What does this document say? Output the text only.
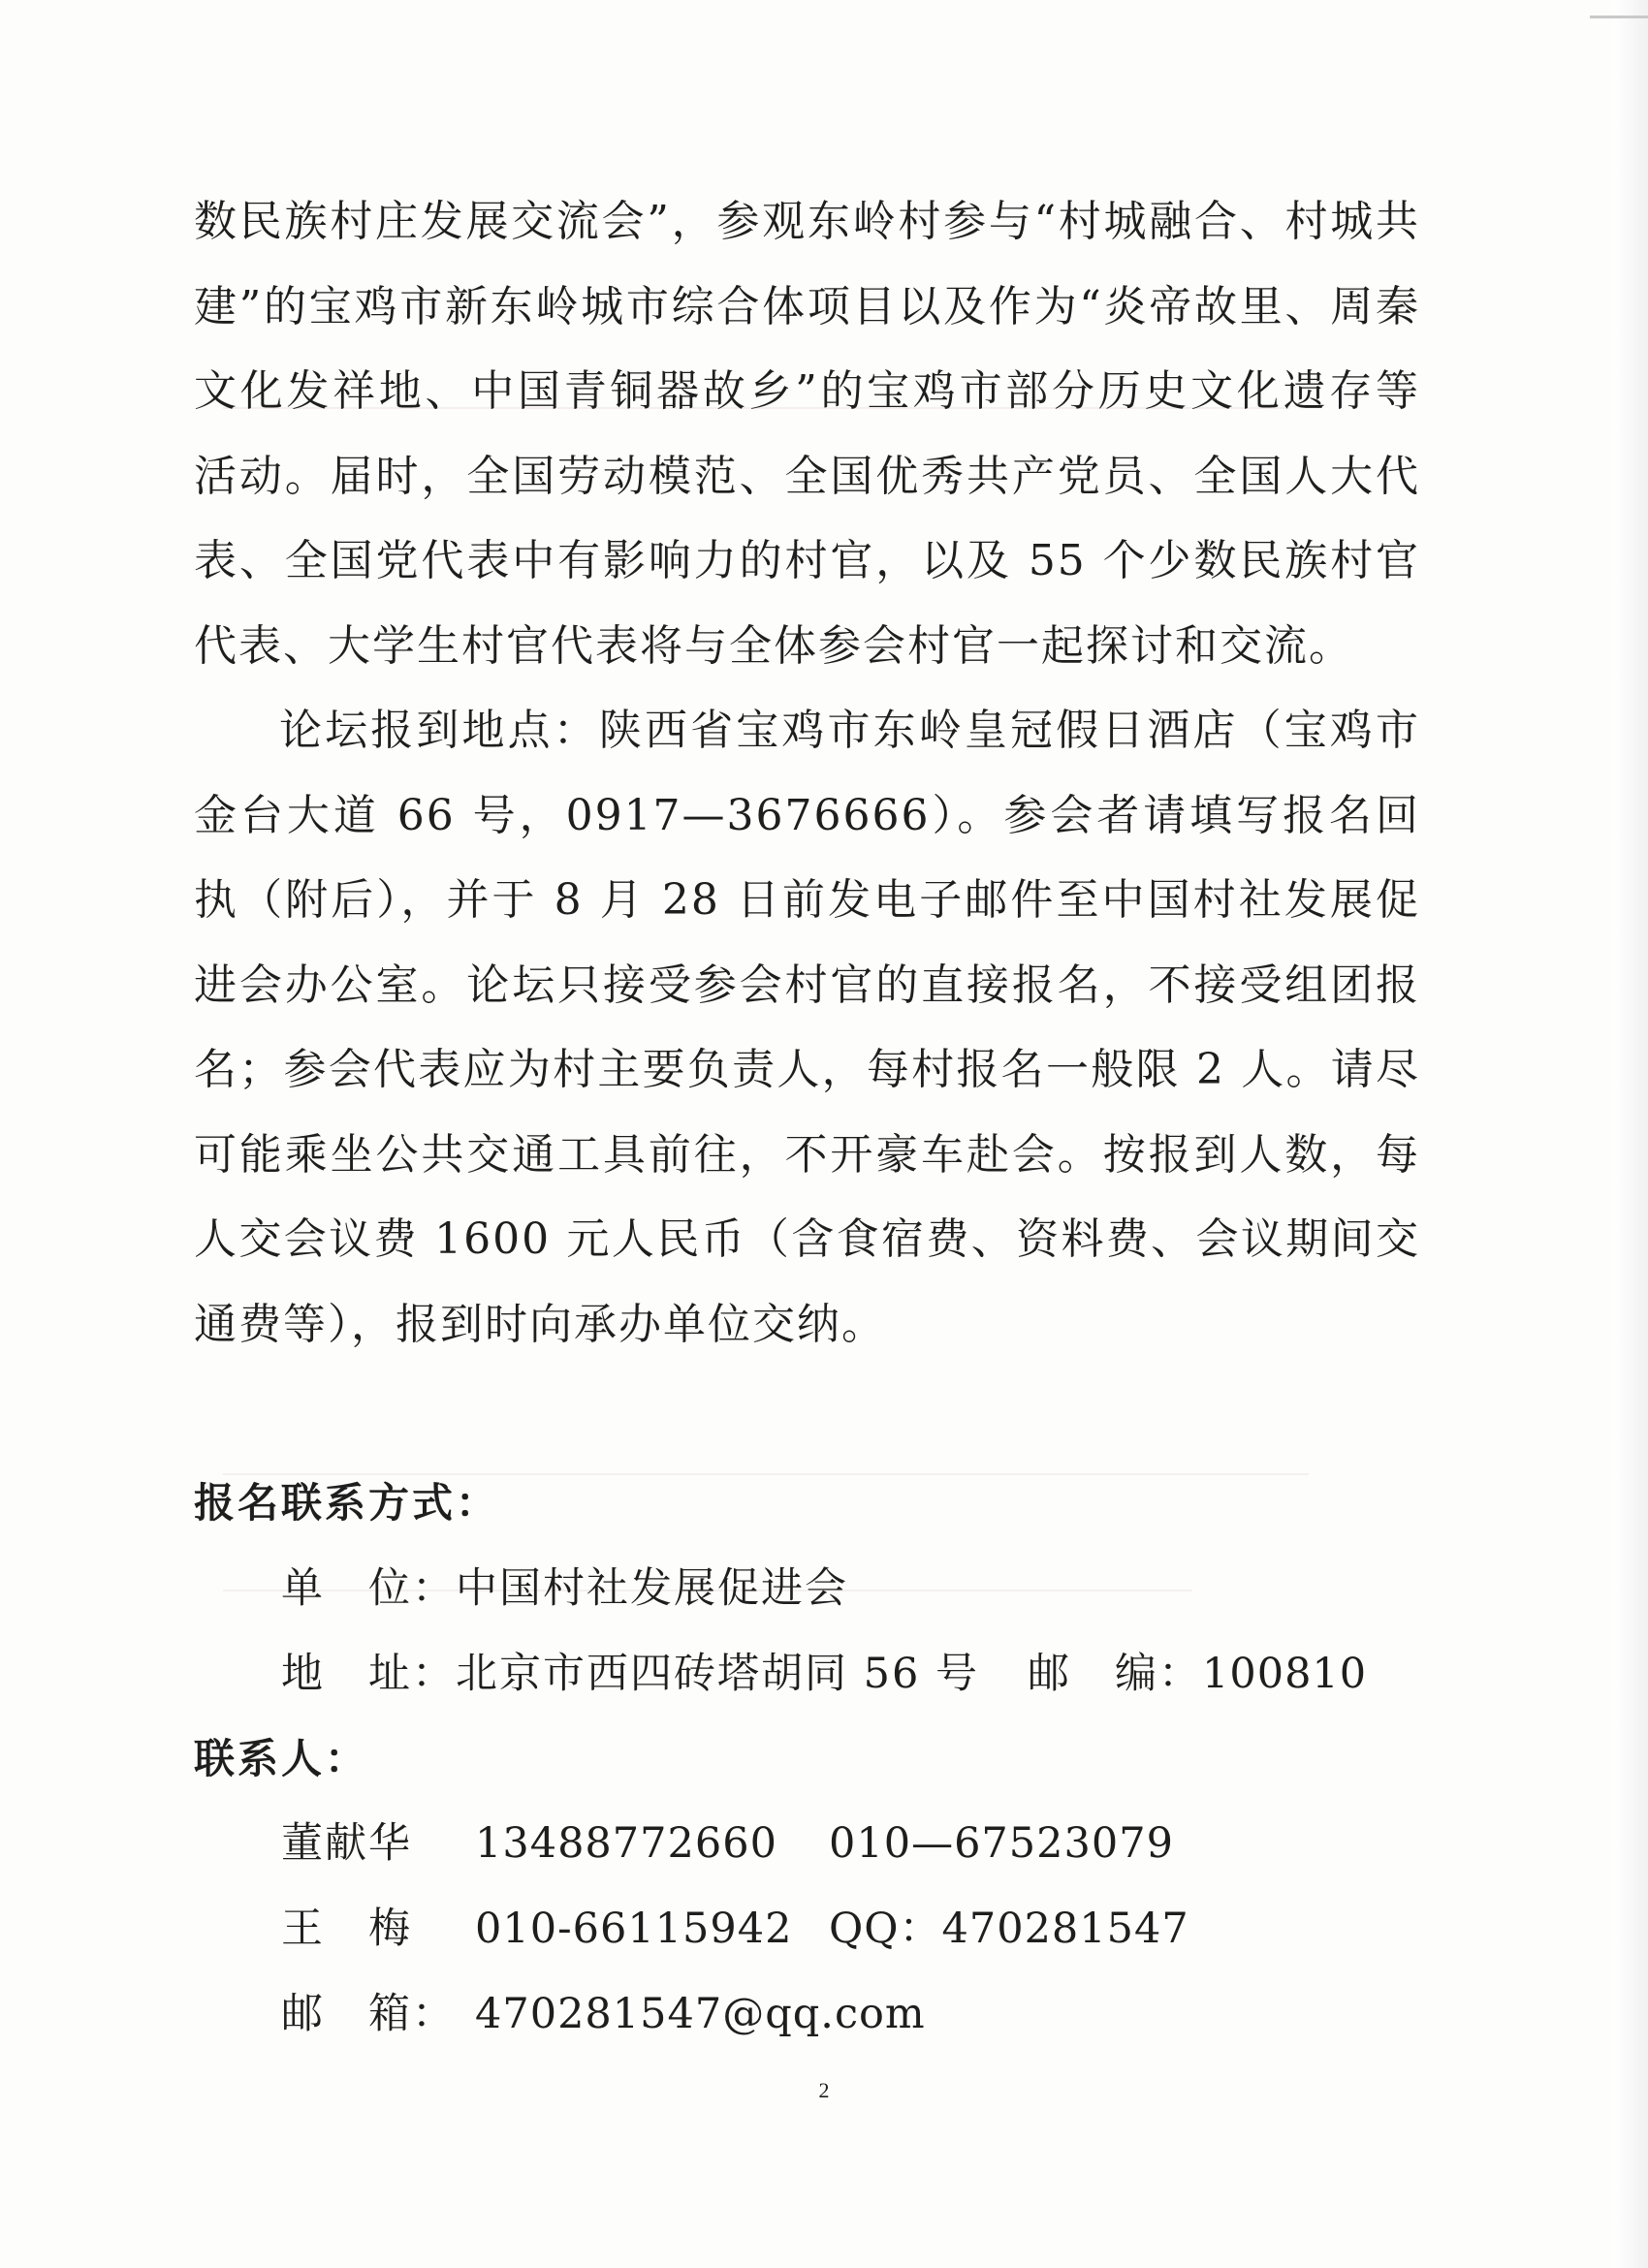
数民族村庄发展交流会”，参观东岭村参与“村城融合、村城共建”的宝鸡市新东岭城市综合体项目以及作为“炎帝故里、周秦文化发祥地、中国青铜器故乡”的宝鸡市部分历史文化遗存等活动。届时，全国劳动模范、全国优秀共产党员、全国人大代表、全国党代表中有影响力的村官，以及 55 个少数民族村官代表、大学生村官代表将与全体参会村官一起探讨和交流。

论坛报到地点：陕西省宝鸡市东岭皇冠假日酒店（宝鸡市金台大道 66 号，0917—3676666）。参会者请填写报名回执（附后），并于 8 月 28 日前发电子邮件至中国村社发展促进会办公室。论坛只接受参会村官的直接报名，不接受组团报名；参会代表应为村主要负责人，每村报名一般限 2 人。请尽可能乘坐公共交通工具前往，不开豪车赴会。按报到人数，每人交会议费 1600 元人民币（含食宿费、资料费、会议期间交通费等），报到时向承办单位交纳。

报名联系方式：
单　位：中国村社发展促进会
地　址：北京市西四砖塔胡同 56 号 邮　编：100810
联系人：
董献华 13488772660 010—67523079
王　梅 010-66115942 QQ：470281547
邮　箱： 470281547@qq.com
2
